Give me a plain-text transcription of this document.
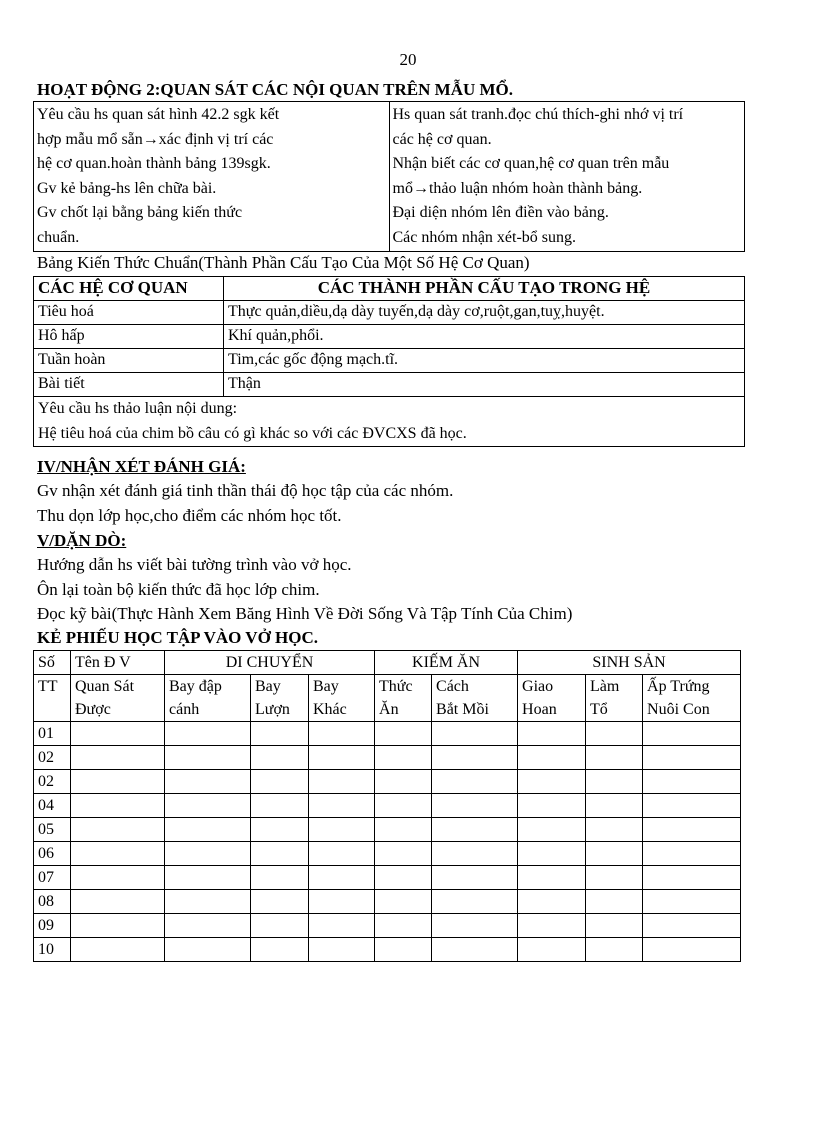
20
HOẠT ĐỘNG 2:QUAN SÁT CÁC NỘI QUAN TRÊN MẪU MỔ.
Yêu cầu hs quan sát hình 42.2 sgk kết
hợp mẫu mổ sẵn→xác định vị trí các
hệ cơ quan.hoàn thành bảng 139sgk.
Gv kẻ bảng-hs lên chữa bài.
Gv chốt lại bằng bảng kiến thức
chuẩn.

Hs quan sát tranh.đọc chú thích-ghi nhớ vị trí
các hệ cơ quan.
Nhận biết các cơ quan,hệ cơ quan trên mẫu
mổ→thảo luận nhóm hoàn thành bảng.
Đại diện nhóm lên điền vào bảng.
Các nhóm nhận xét-bổ sung.
Bảng Kiến Thức Chuẩn(Thành Phần Cấu Tạo Của Một Số Hệ Cơ Quan)
CÁC HỆ CƠ QUAN	CÁC THÀNH PHẦN CẤU TẠO TRONG HỆ
Tiêu hoá	Thực quản,diều,dạ dày tuyến,dạ dày cơ,ruột,gan,tuỵ,huyệt.
Hô hấp	Khí quản,phổi.
Tuần hoàn	Tim,các gốc động mạch.tĩ.
Bài tiết	Thận

Yêu cầu hs thảo luận nội dung:
Hệ tiêu hoá của chim bồ câu có gì khác so với các ĐVCXS đã học.	
IV/NHẬN XÉT ĐÁNH GIÁ:
Gv nhận xét đánh giá tinh thần thái độ học tập của các nhóm.
Thu dọn lớp học,cho điểm các nhóm học tốt.
V/DẶN DÒ:
Hướng dẫn hs viết bài tường trình vào vở học.
Ôn lại toàn bộ kiến thức đã học lớp chim.
Đọc kỹ bài(Thực Hành Xem Băng Hình Về Đời Sống Và Tập Tính Của Chim)
KẺ PHIẾU HỌC TẬP VÀO VỞ HỌC.
Số	Tên Đ V	DI CHUYỂN			KIẾM ĂN		SINH SẢN		
TT	Quan Sát	Bay đập	Bay	Bay	Thức	Cách	Giao	Làm	Ấp Trứng
	Được	cánh	Lượn	Khác	Ăn	Bắt Mồi	Hoan	Tổ	Nuôi Con
01									
02									
02									
04									
05									
06									
07									
08									
09									
10									
